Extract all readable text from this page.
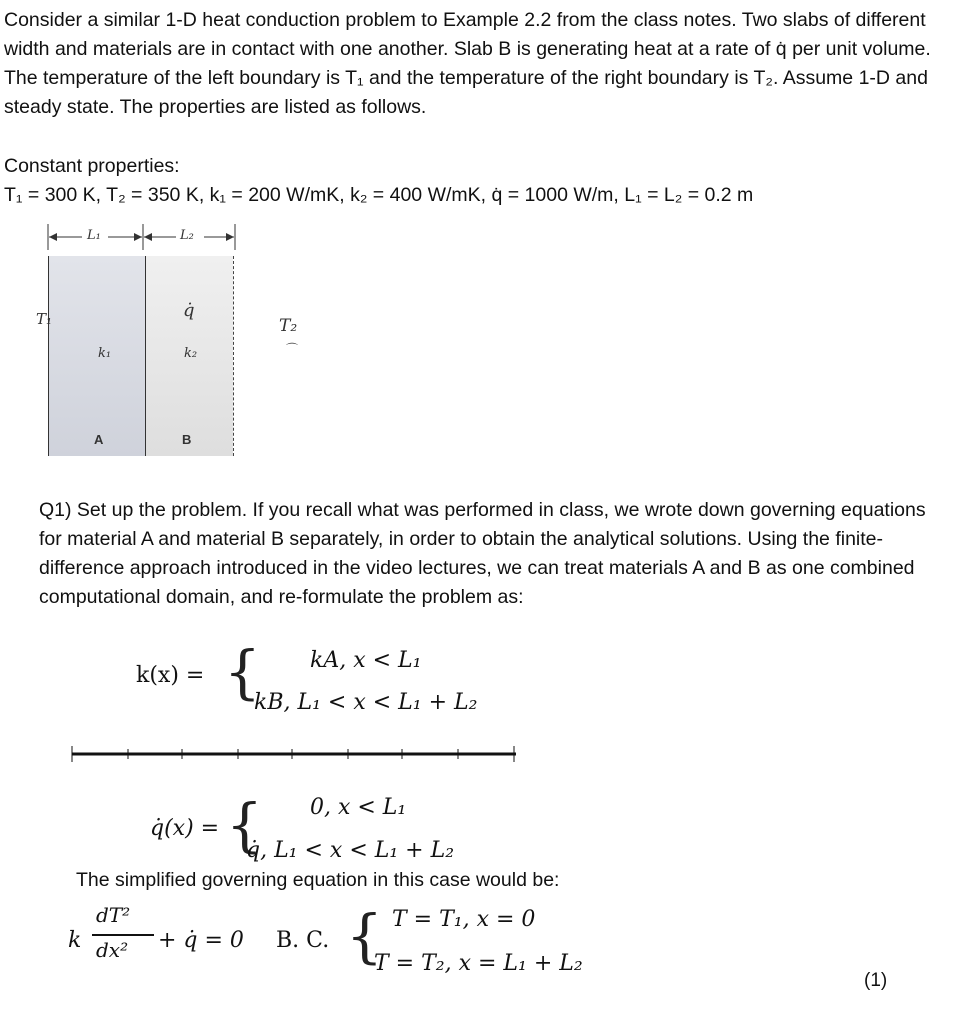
Consider a similar 1-D heat conduction problem to Example 2.2 from the class notes. Two slabs of different width and materials are in contact with one another. Slab B is generating heat at a rate of q̇ per unit volume. The temperature of the left boundary is T₁ and the temperature of the right boundary is T₂. Assume 1-D and steady state. The properties are listed as follows.

Constant properties:

T₁ = 300 K, T₂ = 350 K, k₁ = 200 W/mK, k₂ = 400 W/mK, q̇ = 1000 W/m, L₁ = L₂ = 0.2 m

L₁	L₂
T₁	q̇
T₂
⌒
k₁	k₂
A	B

Q1) Set up the problem. If you recall what was performed in class, we wrote down governing equations for material A and material B separately, in order to obtain the analytical solutions. Using the finite-difference approach introduced in the video lectures, we can treat materials A and B as one combined computational domain, and re-formulate the problem as:

k(x) = { kA, x < L₁
kB, L₁ < x < L₁ + L₂
q̇(x) = { 0, x < L₁
q̇, L₁ < x < L₁ + L₂

The simplified governing equation in this case would be:

k
dT²
dx² + q̇ = 0 B. C. { T = T₁, x = 0
T = T₂, x = L₁ + L₂
(1)
